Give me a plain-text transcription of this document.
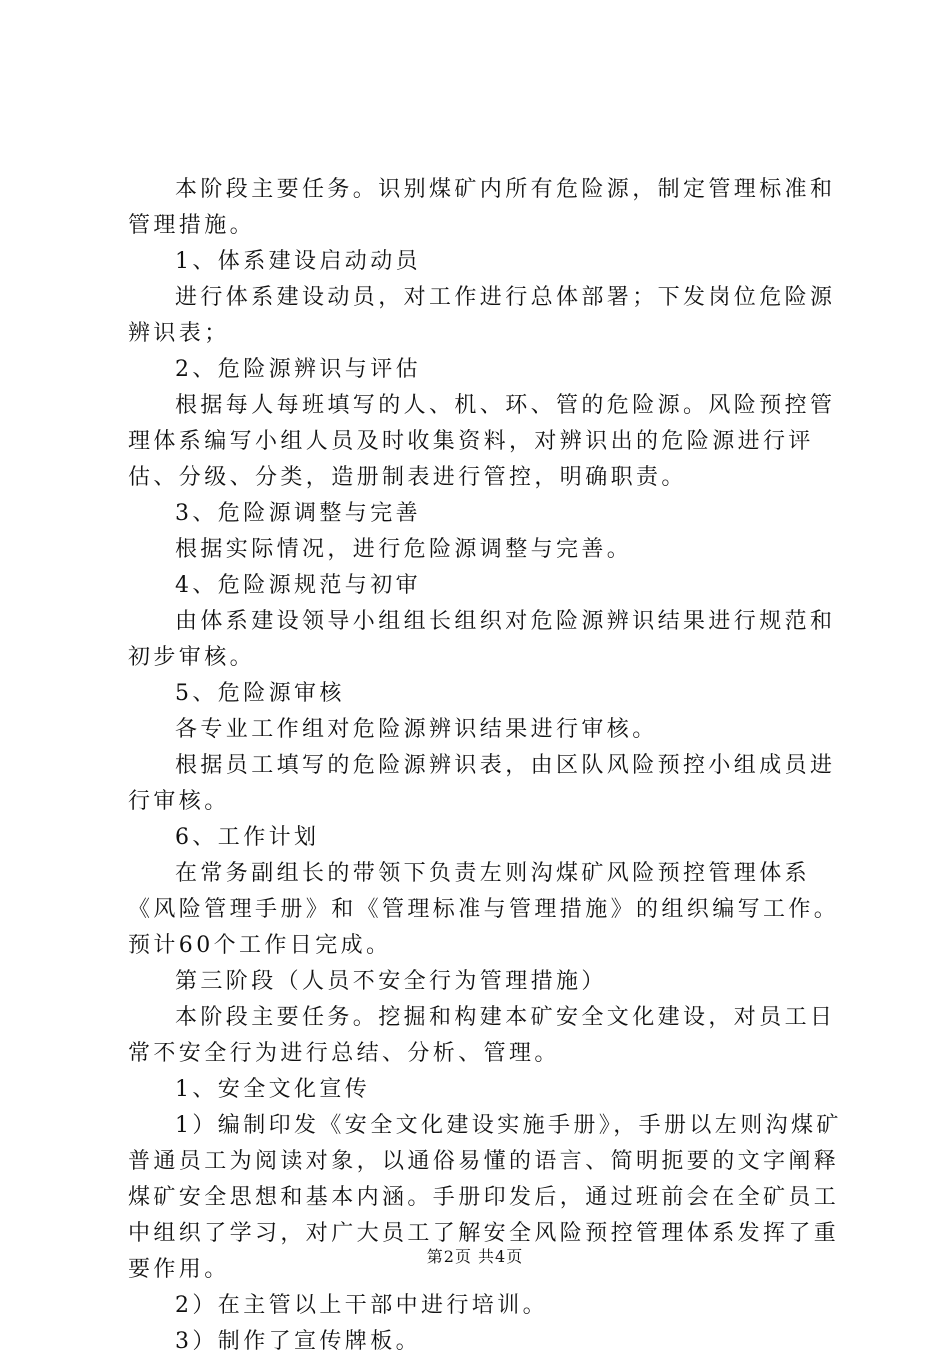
本阶段主要任务。识别煤矿内所有危险源，制定管理标准和管理措施。

1、体系建设启动动员

进行体系建设动员，对工作进行总体部署；下发岗位危险源辨识表；

2、危险源辨识与评估

根据每人每班填写的人、机、环、管的危险源。风险预控管理体系编写小组人员及时收集资料，对辨识出的危险源进行评估、分级、分类，造册制表进行管控，明确职责。

3、危险源调整与完善

根据实际情况，进行危险源调整与完善。

4、危险源规范与初审

由体系建设领导小组组长组织对危险源辨识结果进行规范和初步审核。

5、危险源审核

各专业工作组对危险源辨识结果进行审核。

根据员工填写的危险源辨识表，由区队风险预控小组成员进行审核。

6、工作计划

在常务副组长的带领下负责左则沟煤矿风险预控管理体系《风险管理手册》和《管理标准与管理措施》的组织编写工作。预计60个工作日完成。

第三阶段（人员不安全行为管理措施）

本阶段主要任务。挖掘和构建本矿安全文化建设，对员工日常不安全行为进行总结、分析、管理。

1、安全文化宣传

1）编制印发《安全文化建设实施手册》，手册以左则沟煤矿普通员工为阅读对象，以通俗易懂的语言、简明扼要的文字阐释煤矿安全思想和基本内涵。手册印发后，通过班前会在全矿员工中组织了学习，对广大员工了解安全风险预控管理体系发挥了重要作用。

2）在主管以上干部中进行培训。

3）制作了宣传牌板。

第2页 共4页
